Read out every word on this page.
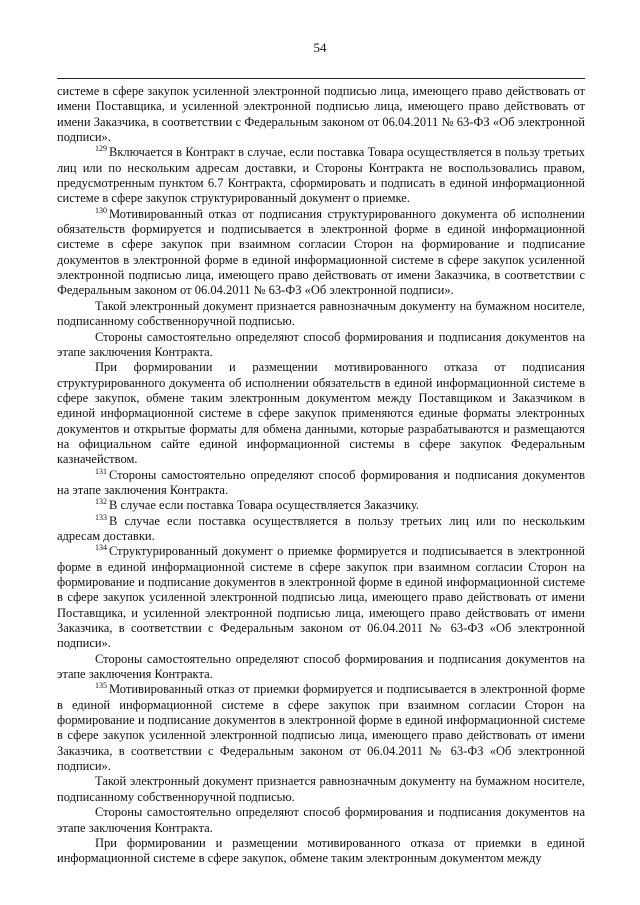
54

системе в сфере закупок усиленной электронной подписью лица, имеющего право действовать от имени Поставщика, и усиленной электронной подписью лица, имеющего право действовать от имени Заказчика, в соответствии с Федеральным законом от 06.04.2011 № 63-ФЗ «Об электронной подписи».

$^{129}$ Включается в Контракт в случае, если поставка Товара осуществляется в пользу третьих лиц или по нескольким адресам доставки, и Стороны Контракта не воспользовались правом, предусмотренным пунктом 6.7 Контракта, сформировать и подписать в единой информационной системе в сфере закупок структурированный документ о приемке.

$^{130}$ Мотивированный отказ от подписания структурированного документа об исполнении обязательств формируется и подписывается в электронной форме в единой информационной системе в сфере закупок при взаимном согласии Сторон на формирование и подписание документов в электронной форме в единой информационной системе в сфере закупок усиленной электронной подписью лица, имеющего право действовать от имени Заказчика, в соответствии с Федеральным законом от 06.04.2011 № 63-ФЗ «Об электронной подписи».

Такой электронный документ признается равнозначным документу на бумажном носителе, подписанному собственноручной подписью.

Стороны самостоятельно определяют способ формирования и подписания документов на этапе заключения Контракта.

При формировании и размещении мотивированного отказа от подписания структурированного документа об исполнении обязательств в единой информационной системе в сфере закупок, обмене таким электронным документом между Поставщиком и Заказчиком в единой информационной системе в сфере закупок применяются единые форматы электронных документов и открытые форматы для обмена данными, которые разрабатываются и размещаются на официальном сайте единой информационной системы в сфере закупок Федеральным казначейством.

$^{131}$ Стороны самостоятельно определяют способ формирования и подписания документов на этапе заключения Контракта.

$^{132}$ В случае если поставка Товара осуществляется Заказчику.

$^{133}$ В случае если поставка осуществляется в пользу третьих лиц или по нескольким адресам доставки.

$^{134}$ Структурированный документ о приемке формируется и подписывается в электронной форме в единой информационной системе в сфере закупок при взаимном согласии Сторон на формирование и подписание документов в электронной форме в единой информационной системе в сфере закупок усиленной электронной подписью лица, имеющего право действовать от имени Поставщика, и усиленной электронной подписью лица, имеющего право действовать от имени Заказчика, в соответствии с Федеральным законом от 06.04.2011 № 63-ФЗ «Об электронной подписи».

Стороны самостоятельно определяют способ формирования и подписания документов на этапе заключения Контракта.

$^{135}$ Мотивированный отказ от приемки формируется и подписывается в электронной форме в единой информационной системе в сфере закупок при взаимном согласии Сторон на формирование и подписание документов в электронной форме в единой информационной системе в сфере закупок усиленной электронной подписью лица, имеющего право действовать от имени Заказчика, в соответствии с Федеральным законом от 06.04.2011 № 63-ФЗ «Об электронной подписи».

Такой электронный документ признается равнозначным документу на бумажном носителе, подписанному собственноручной подписью.

Стороны самостоятельно определяют способ формирования и подписания документов на этапе заключения Контракта.

При формировании и размещении мотивированного отказа от приемки в единой информационной системе в сфере закупок, обмене таким электронным документом между
